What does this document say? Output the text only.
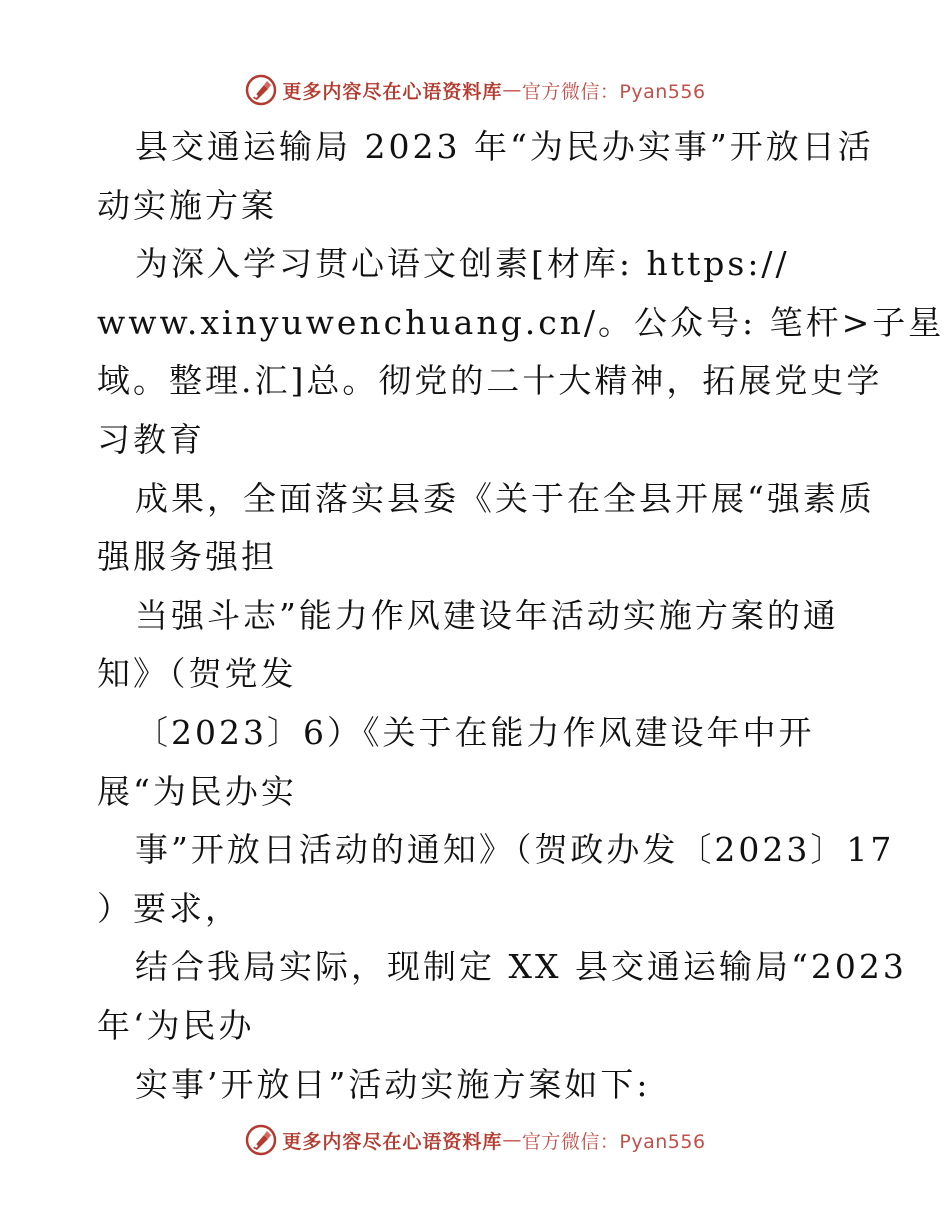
更多内容尽在心语资料库 — 官方微信：Pyan556
县交通运输局 2023 年“为民办实事”开放日活
动实施方案
为深入学习贯心语文创素[材库: https://
www.xinyuwenchuang.cn/。公众号: 笔杆>子星
域。整理.汇]总。彻党的二十大精神，拓展党史学
习教育
成果，全面落实县委《关于在全县开展“强素质
强服务强担
当强斗志”能力作风建设年活动实施方案的通
知》（贺党发
〔2023〕6）《关于在能力作风建设年中开
展“为民办实
事”开放日活动的通知》（贺政办发〔2023〕17
）要求，
结合我局实际，现制定 XX 县交通运输局“2023
年‘为民办
实事’开放日”活动实施方案如下:
更多内容尽在心语资料库 — 官方微信：Pyan556
